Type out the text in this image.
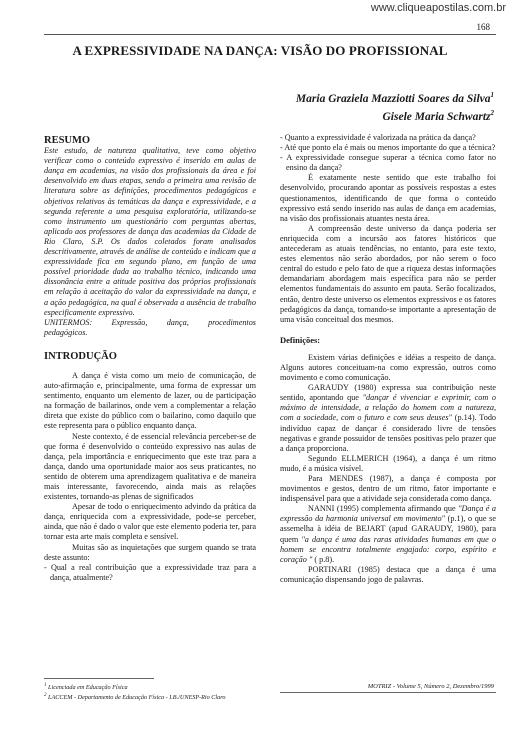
www.cliqueapostilas.com.br
168
A EXPRESSIVIDADE NA DANÇA: VISÃO DO PROFISSIONAL
Maria Graziela Mazziotti Soares da Silva$^1$
Gisele Maria Schwartz$^2$
RESUMO

Este estudo, de natureza qualitativa, teve como objetivo verificar como o conteúdo expressivo é inserido em aulas de dança em academias, na visão dos profissionais da área e foi desenvolvido em duas etapas, sendo a primeira uma revisão de literatura sobre as definições, procedimentos pedagógicos e objetivos relativos às temáticas da dança e expressividade, e a segunda referente a uma pesquisa exploratória, utilizando-se como instrumento um questionário com perguntas abertas, aplicado aos professores de dança das academias da Cidade de Rio Claro, S.P. Os dados coletados foram analisados descritivamente, através de análise de conteúdo e indicam que a expressividade fica em segundo plano, em função de uma possível prioridade dada ao trabalho técnico, indicando uma dissonância entre a atitude positiva dos próprios profissionais em relação à aceitação do valor da expressividade na dança, e a ação pedagógica, na qual é observada a ausência de trabalho especificamente expressivo.

UNITERMOS: Expressão, dança, procedimentos

pedagógicos.

INTRODUÇÃO

A dança é vista como um meio de comunicação, de auto-afirmação e, principalmente, uma forma de expressar um sentimento, enquanto um elemento de lazer, ou de participação na formação de bailarinos, onde vem a complementar a relação direta que existe do público com o bailarino, como daquilo que este representa para o público enquanto dança.

Neste contexto, é de essencial relevância perceber-se de que forma é desenvolvido o conteúdo expressivo nas aulas de dança, pela importância e enriquecimento que este traz para a dança, dando uma oportunidade maior aos seus praticantes, no sentido de obterem uma aprendizagem qualitativa e de maneira mais interessante, favorecendo, ainda mais as relações existentes, tornando-as plenas de significados

Apesar de todo o enriquecimento advindo da prática da dança, enriquecida com a expressividade, pode-se perceber, ainda, que não é dado o valor que este elemento poderia ter, para tornar esta arte mais completa e sensível.

Muitas são as inquietações que surgem quando se trata deste assunto:

- Qual a real contribuição que a expressividade traz para a dança, atualmente?

- Quanto a expressividade é valorizada na prática da dança?

- Até que ponto ela é mais ou menos importante do que a técnica?

- A expressividade consegue superar a técnica como fator no ensino da dança?

É exatamente neste sentido que este trabalho foi desenvolvido, procurando apontar as possíveis respostas a estes questionamentos, identificando de que forma o conteúdo expressivo está sendo inserido nas aulas de dança em academias, na visão dos profissionais atuantes nesta área.

A compreensão deste universo da dança poderia ser enriquecida com a incursão aos fatores históricos que antecederam as atuais tendências, no entanto, para este texto, estes elementos não serão abordados, por não serem o foco central do estudo e pelo fato de que a riqueza destas informações demandariam abordagem mais específica para não se perder elementos fundamentais do assunto em pauta. Serão focalizados, então, dentro deste universo os elementos expressivos e os fatores pedagógicos da dança, tornando-se importante a apresentação de uma visão conceitual dos mesmos.

Definições:

Existem várias definições e idéias a respeito de dança. Alguns autores conceituam-na como expressão, outros como movimento e como comunicação.

GARAUDY (1980) expressa sua contribuição neste sentido, apontando que "dançar é vivenciar e exprimir, com o máximo de intensidade, a relação do homem com a natureza, com a sociedade, com o futuro e com seus deuses" (p.14). Todo indivíduo capaz de dançar é considerado livre de tensões negativas e grande possuidor de tensões positivas pelo prazer que a dança proporciona.

Segundo ELLMERICH (1964), a dança é um ritmo mudo, é a música visível.

Para MENDES (1987), a dança é composta por movimentos e gestos, dentro de um ritmo, fator importante e indispensável para que a atividade seja considerada como dança.

NANNI (1995) complementa afirmando que "Dança é a expressão da harmonia universal em movimento" (p.1), o que se assemelha à idéia de BEJART (apud GARAUDY, 1980), para quem "a dança é uma das raras atividades humanas em que o homem se encontra totalmente engajado: corpo, espírito e coração " ( p.8).

PORTINARI (1985) destaca que a dança é uma comunicação dispensando jogo de palavras.

$^1$ Licenciada em Educação Física
$^2$ LACCEM - Departamento de Educação Física - I.B./UNESP-Rio Claro
MOTRIZ - Volume 5, Número 2, Dezembro/1999
